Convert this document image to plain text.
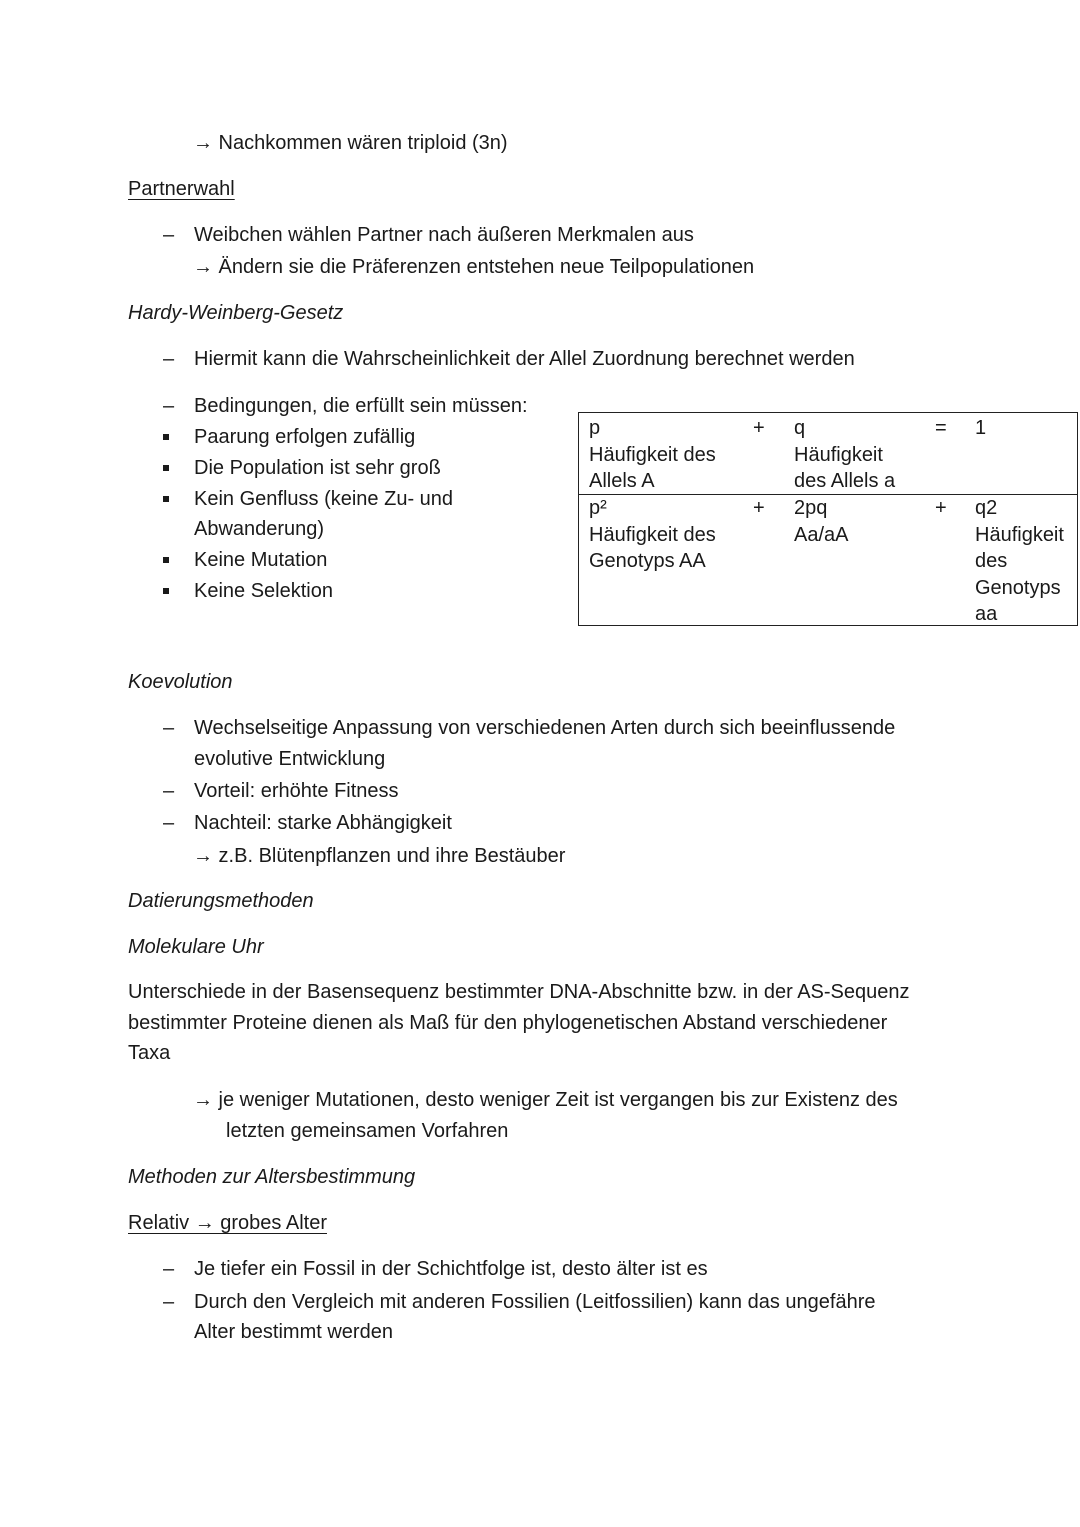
→ Nachkommen wären triploid (3n)
Partnerwahl
– Weibchen wählen Partner nach äußeren Merkmalen aus
→ Ändern sie die Präferenzen entstehen neue Teilpopulationen
Hardy-Weinberg-Gesetz
– Hiermit kann die Wahrscheinlichkeit der Allel Zuordnung berechnet werden
– Bedingungen, die erfüllt sein müssen:
Paarung erfolgen zufällig
Die Population ist sehr groß
Kein Genfluss (keine Zu- und
Abwanderung)
Keine Mutation
Keine Selektion
p
Häufigkeit des
Allels A
+ q
Häufigkeit
des Allels a
= 1
p²
Häufigkeit des
Genotyps AA
+ 2pq
Aa/aA
+ q2
Häufigkeit
des
Genotyps
aa
Koevolution
– Wechselseitige Anpassung von verschiedenen Arten durch sich beeinflussende
evolutive Entwicklung
– Vorteil: erhöhte Fitness
– Nachteil: starke Abhängigkeit
→ z.B. Blütenpflanzen und ihre Bestäuber
Datierungsmethoden
Molekulare Uhr
Unterschiede in der Basensequenz bestimmter DNA-Abschnitte bzw. in der AS-Sequenz
bestimmter Proteine dienen als Maß für den phylogenetischen Abstand verschiedener
Taxa
→ je weniger Mutationen, desto weniger Zeit ist vergangen bis zur Existenz des
letzten gemeinsamen Vorfahren
Methoden zur Altersbestimmung
Relativ → grobes Alter
– Je tiefer ein Fossil in der Schichtfolge ist, desto älter ist es
– Durch den Vergleich mit anderen Fossilien (Leitfossilien) kann das ungefähre
Alter bestimmt werden
